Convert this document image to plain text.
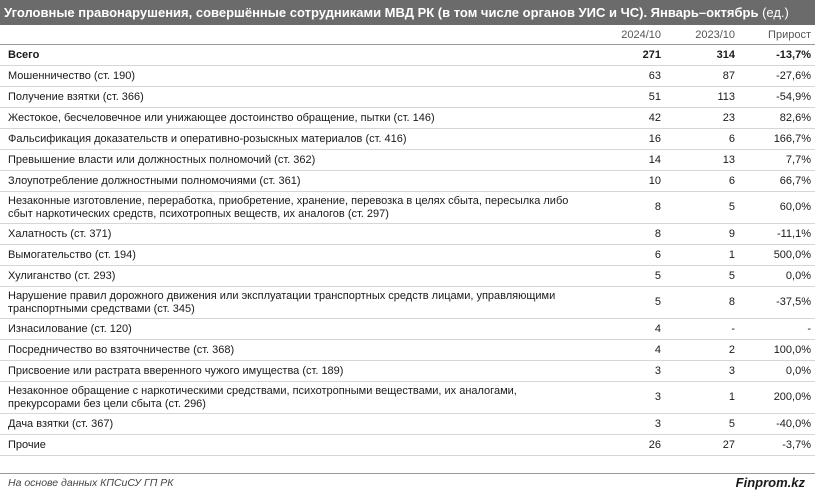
Уголовные правонарушения, совершённые сотрудниками МВД РК (в том числе органов УИС и ЧС). Январь–октябрь (ед.)
	2024/10	2023/10	Прирост
Всего	271	314	-13,7%
Мошенничество (ст. 190)	63	87	-27,6%
Получение взятки (ст. 366)	51	113	-54,9%
Жестокое, бесчеловечное или унижающее достоинство обращение, пытки (ст. 146)	42	23	82,6%
Фальсификация доказательств и оперативно-розыскных материалов (ст. 416)	16	6	166,7%
Превышение власти или должностных полномочий (ст. 362)	14	13	7,7%
Злоупотребление должностными полномочиями (ст. 361)	10	6	66,7%
Незаконные изготовление, переработка, приобретение, хранение, перевозка в целях сбыта, пересылка либо сбыт наркотических средств, психотропных веществ, их аналогов (ст. 297)	8	5	60,0%
Халатность (ст. 371)	8	9	-11,1%
Вымогательство (ст. 194)	6	1	500,0%
Хулиганство (ст. 293)	5	5	0,0%
Нарушение правил дорожного движения или эксплуатации транспортных средств лицами, управляющими транспортными средствами (ст. 345)	5	8	-37,5%
Изнасилование (ст. 120)	4	-	-
Посредничество во взяточничестве (ст. 368)	4	2	100,0%
Присвоение или растрата вверенного чужого имущества (ст. 189)	3	3	0,0%
Незаконное обращение с наркотическими средствами, психотропными веществами, их аналогами, прекурсорами без цели сбыта (ст. 296)	3	1	200,0%
Дача взятки (ст. 367)	3	5	-40,0%
Прочие	26	27	-3,7%
На основе данных КПСиСУ ГП РК	Finprom.kz
